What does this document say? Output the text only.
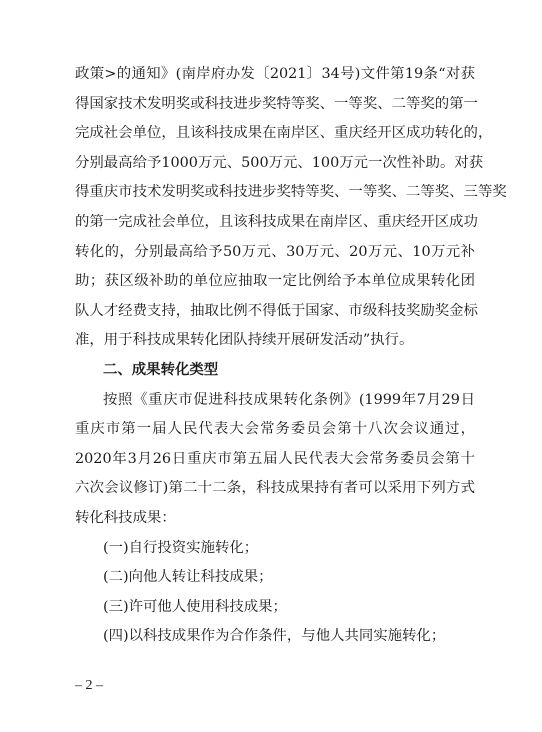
政策>的通知》(南岸府办发〔2021〕34号)文件第19条“对获
得国家技术发明奖或科技进步奖特等奖、一等奖、二等奖的第一
完成社会单位，且该科技成果在南岸区、重庆经开区成功转化的，
分别最高给予1000万元、500万元、100万元一次性补助。对获
得重庆市技术发明奖或科技进步奖特等奖、一等奖、二等奖、三等奖
的第一完成社会单位，且该科技成果在南岸区、重庆经开区成功
转化的，分别最高给予50万元、30万元、20万元、10万元补
助；获区级补助的单位应抽取一定比例给予本单位成果转化团
队人才经费支持，抽取比例不得低于国家、市级科技奖励奖金标
准，用于科技成果转化团队持续开展研发活动”执行。
二、成果转化类型
按照《重庆市促进科技成果转化条例》(1999年7月29日
重庆市第一届人民代表大会常务委员会第十八次会议通过，
2020年3月26日重庆市第五届人民代表大会常务委员会第十
六次会议修订)第二十二条，科技成果持有者可以采用下列方式
转化科技成果：
(一)自行投资实施转化；
(二)向他人转让科技成果；
(三)许可他人使用科技成果；
(四)以科技成果作为合作条件，与他人共同实施转化；
– 2 –
